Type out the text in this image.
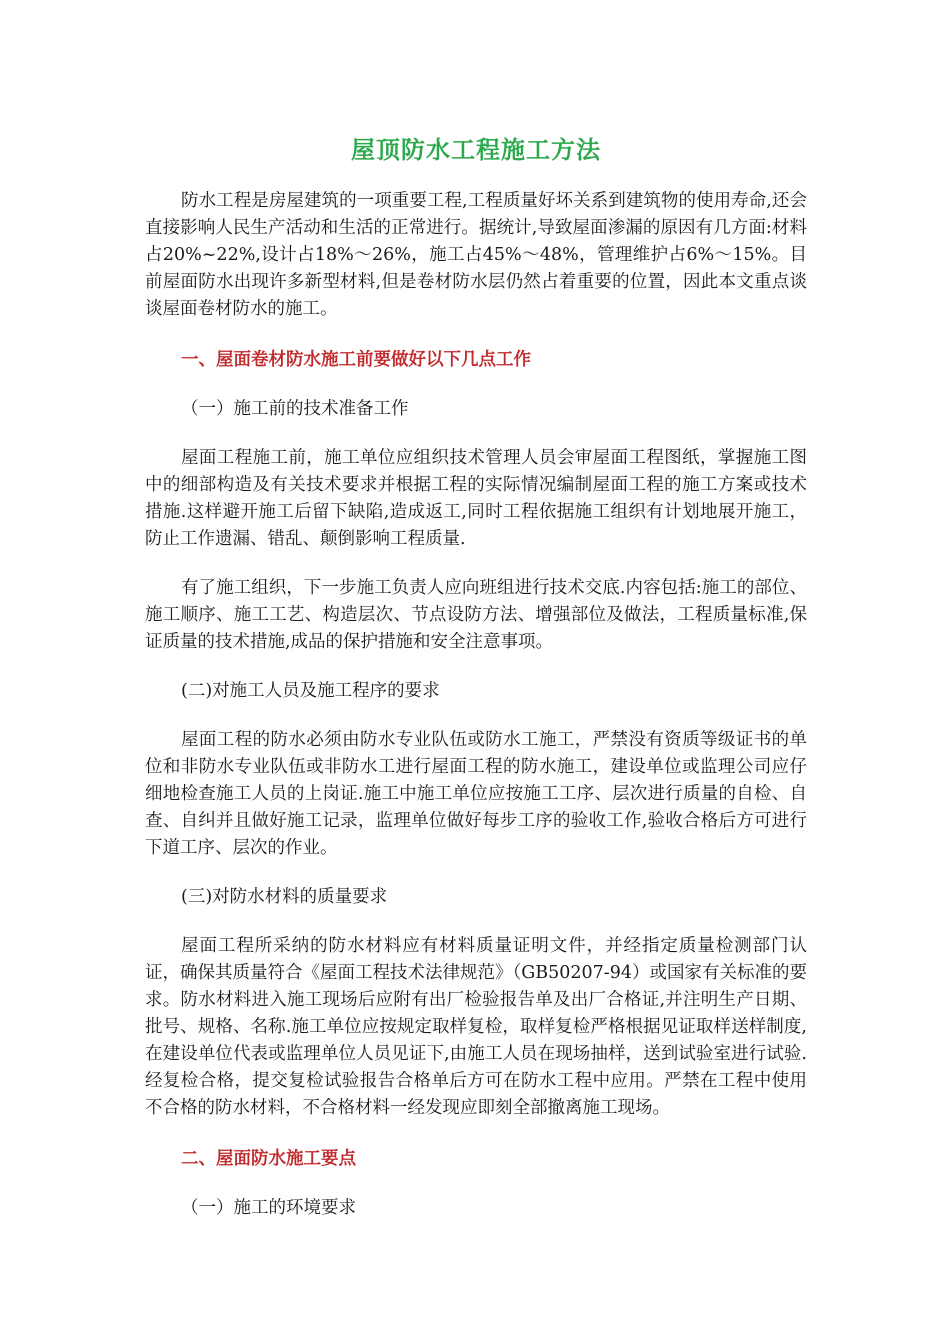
屋顶防水工程施工方法

防水工程是房屋建筑的一项重要工程,工程质量好坏关系到建筑物的使用寿命,还会直接影响人民生产活动和生活的正常进行。据统计,导致屋面渗漏的原因有几方面:材料占20%~22%,设计占18%～26%，施工占45%～48%，管理维护占6%～15%。目前屋面防水出现许多新型材料,但是卷材防水层仍然占着重要的位置，因此本文重点谈谈屋面卷材防水的施工。

一、屋面卷材防水施工前要做好以下几点工作

（一）施工前的技术准备工作

屋面工程施工前，施工单位应组织技术管理人员会审屋面工程图纸，掌握施工图中的细部构造及有关技术要求并根据工程的实际情况编制屋面工程的施工方案或技术措施.这样避开施工后留下缺陷,造成返工,同时工程依据施工组织有计划地展开施工，防止工作遗漏、错乱、颠倒影响工程质量.

有了施工组织，下一步施工负责人应向班组进行技术交底.内容包括:施工的部位、施工顺序、施工工艺、构造层次、节点设防方法、增强部位及做法，工程质量标准,保证质量的技术措施,成品的保护措施和安全注意事项。

(二)对施工人员及施工程序的要求

屋面工程的防水必须由防水专业队伍或防水工施工，严禁没有资质等级证书的单位和非防水专业队伍或非防水工进行屋面工程的防水施工，建设单位或监理公司应仔细地检查施工人员的上岗证.施工中施工单位应按施工工序、层次进行质量的自检、自查、自纠并且做好施工记录，监理单位做好每步工序的验收工作,验收合格后方可进行下道工序、层次的作业。

(三)对防水材料的质量要求

屋面工程所采纳的防水材料应有材料质量证明文件，并经指定质量检测部门认证，确保其质量符合《屋面工程技术法律规范》（GB50207-94）或国家有关标准的要求。防水材料进入施工现场后应附有出厂检验报告单及出厂合格证,并注明生产日期、批号、规格、名称.施工单位应按规定取样复检，取样复检严格根据见证取样送样制度,在建设单位代表或监理单位人员见证下,由施工人员在现场抽样，送到试验室进行试验.经复检合格，提交复检试验报告合格单后方可在防水工程中应用。严禁在工程中使用不合格的防水材料，不合格材料一经发现应即刻全部撤离施工现场。

二、屋面防水施工要点

（一）施工的环境要求
